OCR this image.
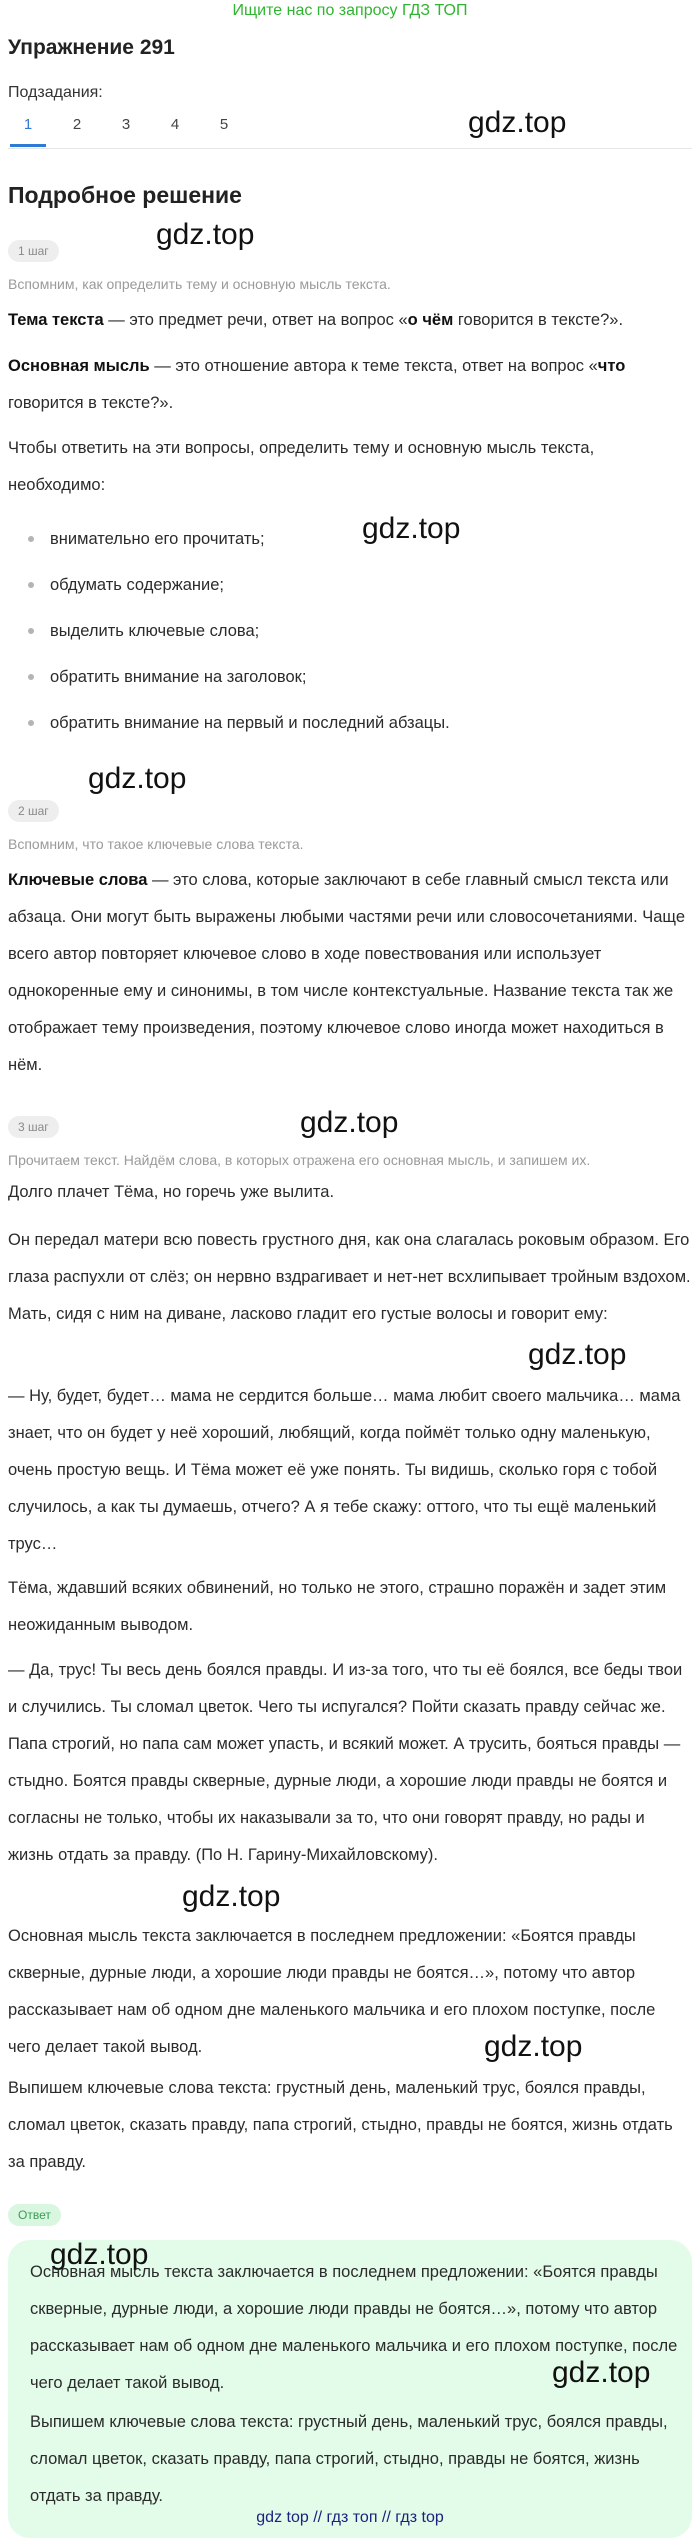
Ищите нас по запросу ГДЗ ТОП
Упражнение 291
Подзадания:
1	2	3	4	5	gdz.top
Подробное решение
gdz.top
1 шаг
Вспомним, как определить тему и основную мысль текста.
Тема текста — это предмет речи, ответ на вопрос «о чём говорится в тексте?».
Основная мысль — это отношение автора к теме текста, ответ на вопрос «что говорится в тексте?».
Чтобы ответить на эти вопросы, определить тему и основную мысль текста, необходимо:
внимательно его прочитать;
обдумать содержание;
выделить ключевые слова;
обратить внимание на заголовок;
обратить внимание на первый и последний абзацы.
gdz.top
gdz.top
2 шаг
Вспомним, что такое ключевые слова текста.
Ключевые слова — это слова, которые заключают в себе главный смысл текста или абзаца. Они могут быть выражены любыми частями речи или словосочетаниями. Чаще всего автор повторяет ключевое слово в ходе повествования или использует однокоренные ему и синонимы, в том числе контекстуальные. Название текста так же отображает тему произведения, поэтому ключевое слово иногда может находиться в нём.
3 шаг	gdz.top
Прочитаем текст. Найдём слова, в которых отражена его основная мысль, и запишем их.
Долго плачет Тёма, но горечь уже вылита.
Он передал матери всю повесть грустного дня, как она слагалась роковым образом. Его глаза распухли от слёз; он нервно вздрагивает и нет-нет всхлипывает тройным вздохом. Мать, сидя с ним на диване, ласково гладит его густые волосы и говорит ему:
gdz.top
— Ну, будет, будет… мама не сердится больше… мама любит своего мальчика… мама знает, что он будет у неё хороший, любящий, когда поймёт только одну маленькую, очень простую вещь. И Тёма может её уже понять. Ты видишь, сколько горя с тобой случилось, а как ты думаешь, отчего? А я тебе скажу: оттого, что ты ещё маленький трус…
Тёма, ждавший всяких обвинений, но только не этого, страшно поражён и задет этим неожиданным выводом.
— Да, трус! Ты весь день боялся правды. И из-за того, что ты её боялся, все беды твои и случились. Ты сломал цветок. Чего ты испугался? Пойти сказать правду сейчас же. Папа строгий, но папа сам может упасть, и всякий может. А трусить, бояться правды — стыдно. Боятся правды скверные, дурные люди, а хорошие люди правды не боятся и согласны не только, чтобы их наказывали за то, что они говорят правду, но рады и жизнь отдать за правду. (По Н. Гарину-Михайловскому).
gdz.top
Основная мысль текста заключается в последнем предложении: «Боятся правды скверные, дурные люди, а хорошие люди правды не боятся…», потому что автор рассказывает нам об одном дне маленького мальчика и его плохом поступке, после чего делает такой вывод.	gdz.top
Выпишем ключевые слова текста: грустный день, маленький трус, боялся правды, сломал цветок, сказать правду, папа строгий, стыдно, правды не боятся, жизнь отдать за правду.
Ответ
gdz.top
Основная мысль текста заключается в последнем предложении: «Боятся правды скверные, дурные люди, а хорошие люди правды не боятся…», потому что автор рассказывает нам об одном дне маленького мальчика и его плохом поступке, после чего делает такой вывод.	gdz.top
Выпишем ключевые слова текста: грустный день, маленький трус, боялся правды, сломал цветок, сказать правду, папа строгий, стыдно, правды не боятся, жизнь отдать за правду.
gdz top // гдз топ // гдз top
